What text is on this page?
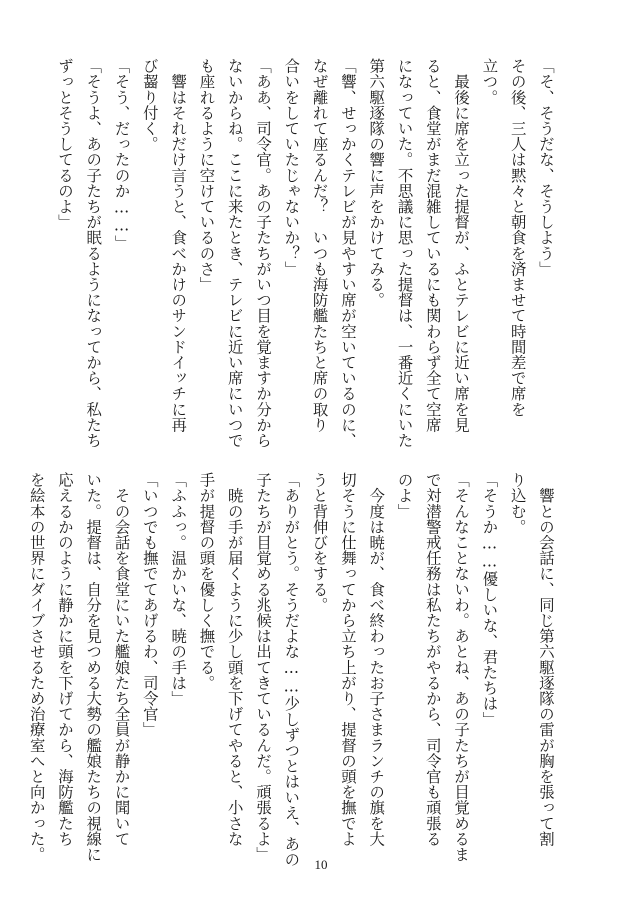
「そ、そうだな、そうしよう」
その後、三人は黙々と朝食を済ませて時間差で席を
立つ。
　最後に席を立った提督が、ふとテレビに近い席を見
ると、食堂がまだ混雑しているにも関わらず全て空席
になっていた。不思議に思った提督は、一番近くにいた
第六駆逐隊の響に声をかけてみる。
「響、せっかくテレビが見やすい席が空いているのに、
なぜ離れて座るんだ？　いつも海防艦たちと席の取り
合いをしていたじゃないか？」
「ああ、司令官。あの子たちがいつ目を覚ますか分から
ないからね。ここに来たとき、テレビに近い席にいつで
も座れるように空けているのさ」
　響はそれだけ言うと、食べかけのサンドイッチに再
び齧り付く。
「そう、だったのか……」
「そうよ、あの子たちが眠るようになってから、私たち
ずっとそうしてるのよ」
　響との会話に、同じ第六駆逐隊の雷が胸を張って割
り込む。
「そうか……優しいな、君たちは」
「そんなことないわ。あとね、あの子たちが目覚めるま
で対潜警戒任務は私たちがやるから、司令官も頑張る
のよ」
　今度は暁が、食べ終わったお子さまランチの旗を大
切そうに仕舞ってから立ち上がり、提督の頭を撫でよ
うと背伸びをする。
「ありがとう。そうだよな……少しずつとはいえ、あの
子たちが目覚める兆候は出てきているんだ。頑張るよ」
　暁の手が届くように少し頭を下げてやると、小さな
手が提督の頭を優しく撫でる。
「ふふっ。温かいな、暁の手は」
「いつでも撫でてあげるわ、司令官」
　その会話を食堂にいた艦娘たち全員が静かに聞いて
いた。提督は、自分を見つめる大勢の艦娘たちの視線に
応えるかのように静かに頭を下げてから、海防艦たち
を絵本の世界にダイブさせるため治療室へと向かった。
10
